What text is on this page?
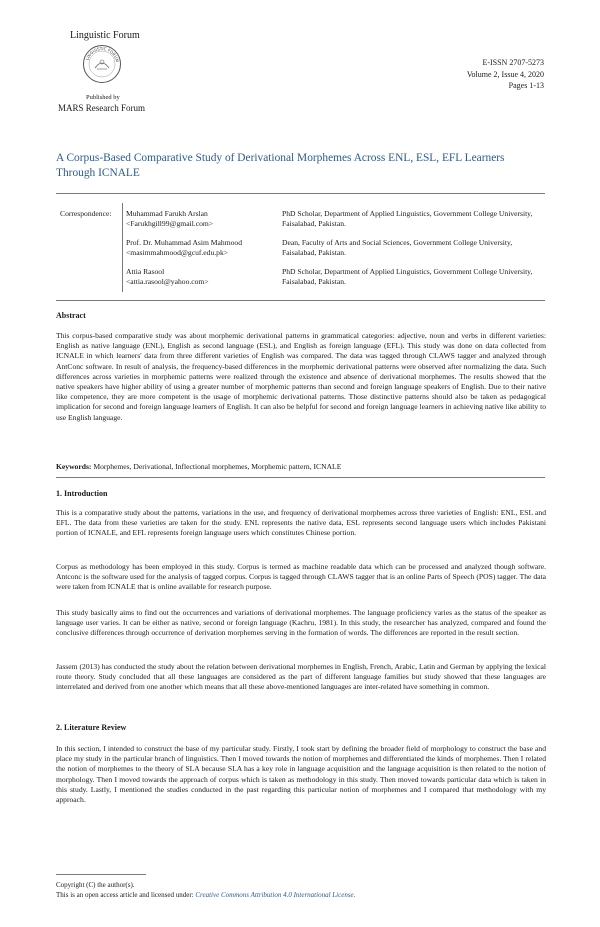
Linguistic Forum
LINGUISTIC FORUM
Published by
MARS Research Forum
E-ISSN 2707-5273
Volume 2, Issue 4, 2020
Pages 1-13
A Corpus-Based Comparative Study of Derivational Morphemes Across ENL, ESL, EFL Learners Through ICNALE
Correspondence: Muhammad Farukh Arslan
<Farukhgill99@gmail.com>
PhD Scholar, Department of Applied Linguistics, Government College University, Faisalabad, Pakistan.
Prof. Dr. Muhammad Asim Mahmood
<masimmahmood@gcuf.edu.pk>
Dean, Faculty of Arts and Social Sciences, Government College University, Faisalabad, Pakistan.
Attia Rasool
<attia.rasool@yahoo.com>
PhD Scholar, Department of Applied Linguistics, Government College University, Faisalabad, Pakistan.
Abstract

This corpus-based comparative study was about morphemic derivational patterns in grammatical categories: adjective, noun and verbs in different varieties: English as native language (ENL), English as second language (ESL), and English as foreign language (EFL). This study was done on data collected from ICNALE in which learners' data from three different varieties of English was compared. The data was tagged through CLAWS tagger and analyzed through AntConc software. In result of analysis, the frequency-based differences in the morphemic derivational patterns were observed after normalizing the data. Such differences across varieties in morphemic patterns were realized through the existence and absence of derivational morphemes. The results showed that the native speakers have higher ability of using a greater number of morphemic patterns than second and foreign language speakers of English. Due to their native like competence, they are more competent is the usage of morphemic derivational patterns. Those distinctive patterns should also be taken as pedagogical implication for second and foreign language learners of English. It can also be helpful for second and foreign language learners in achieving native like ability to use English language.

Keywords: Morphemes, Derivational, Inflectional morphemes, Morphemic pattern, ICNALE
1. Introduction

This is a comparative study about the patterns, variations in the use, and frequency of derivational morphemes across three varieties of English: ENL, ESL and EFL. The data from these varieties are taken for the study. ENL represents the native data, ESL represents second language users which includes Pakistani portion of ICNALE, and EFL represents foreign language users which constitutes Chinese portion.

Corpus as methodology has been employed in this study. Corpus is termed as machine readable data which can be processed and analyzed though software. Antconc is the software used for the analysis of tagged corpus. Corpus is tagged through CLAWS tagger that is an online Parts of Speech (POS) tagger. The data were taken from ICNALE that is online available for research purpose.

This study basically aims to find out the occurrences and variations of derivational morphemes. The language proficiency varies as the status of the speaker as language user varies. It can be either as native, second or foreign language (Kachru, 1981). In this study, the researcher has analyzed, compared and found the conclusive differences through occurrence of derivation morphemes serving in the formation of words. The differences are reported in the result section.

Jassem (2013) has conducted the study about the relation between derivational morphemes in English, French, Arabic, Latin and German by applying the lexical route theory. Study concluded that all these languages are considered as the part of different language families but study showed that these languages are interrelated and derived from one another which means that all these above-mentioned languages are inter-related have something in common.

2. Literature Review

In this section, I intended to construct the base of my particular study. Firstly, I took start by defining the broader field of morphology to construct the base and place my study in the particular branch of linguistics. Then I moved towards the notion of morphemes and differentiated the kinds of morphemes. Then I related the notion of morphemes to the theory of SLA because SLA has a key role in language acquisition and the language acquisition is then related to the notion of morphology. Then I moved towards the approach of corpus which is taken as methodology in this study. Then moved towards particular data which is taken in this study. Lastly, I mentioned the studies conducted in the past regarding this particular notion of morphemes and I compared that methodology with my approach.

Copyright (C) the author(s).
This is an open access article and licensed under: Creative Commons Attribution 4.0 International License.
